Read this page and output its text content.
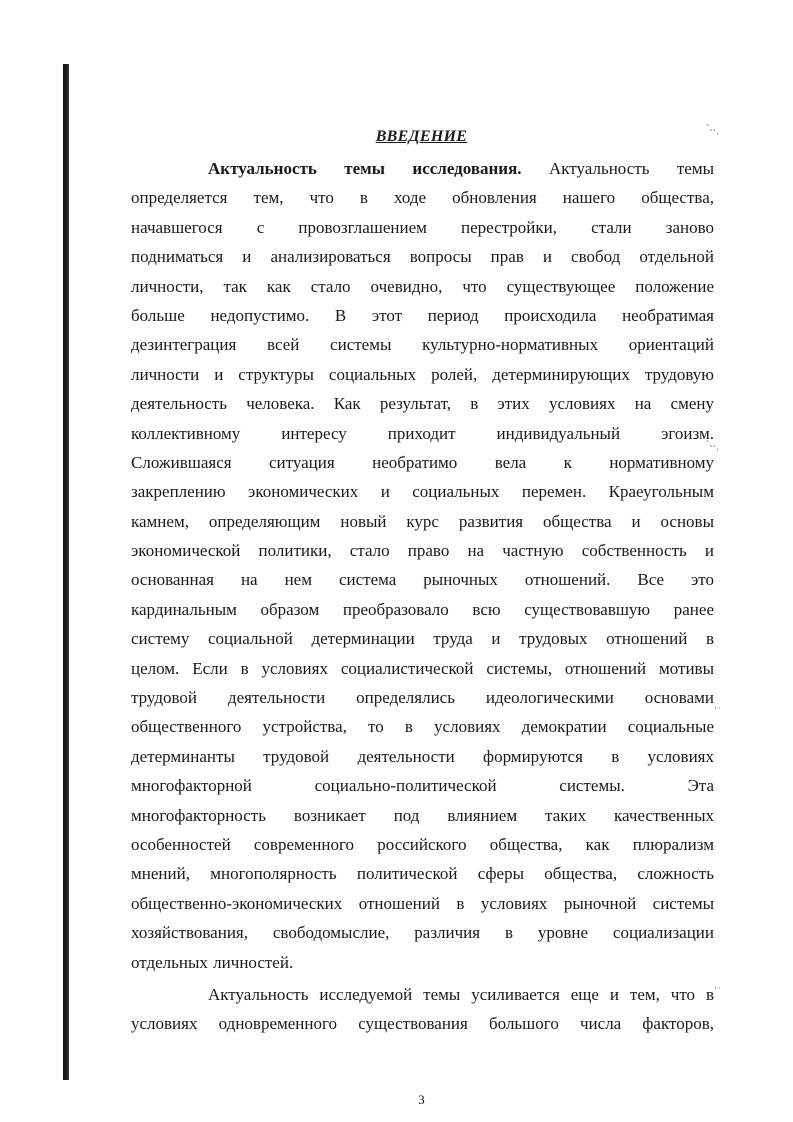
ВВЕДЕНИЕ
Актуальность темы исследования. Актуальность темы
определяется тем, что в ходе обновления нашего общества,
начавшегося с провозглашением перестройки, стали заново
подниматься и анализироваться вопросы прав и свобод отдельной
личности, так как стало очевидно, что существующее положение
больше недопустимо. В этот период происходила необратимая
дезинтеграция всей системы культурно-нормативных ориентаций
личности и структуры социальных ролей, детерминирующих трудовую
деятельность человека. Как результат, в этих условиях на смену
коллективному интересу приходит индивидуальный эгоизм.
Сложившаяся ситуация необратимо вела к нормативному
закреплению экономических и социальных перемен. Краеугольным
камнем, определяющим новый курс развития общества и основы
экономической политики, стало право на частную собственность и
основанная на нем система рыночных отношений. Все это
кардинальным образом преобразовало всю существовавшую ранее
систему социальной детерминации труда и трудовых отношений в
целом. Если в условиях социалистической системы, отношений мотивы
трудовой деятельности определялись идеологическими основами
общественного устройства, то в условиях демократии социальные
детерминанты трудовой деятельности формируются в условиях
многофакторной социально-политической системы. Эта
многофакторность возникает под влиянием таких качественных
особенностей современного российского общества, как плюрализм
мнений, многополярность политической сферы общества, сложность
общественно-экономических отношений в условиях рыночной системы
хозяйствования, свободомыслие, различия в уровне социализации
отдельных личностей.
Актуальность исследуемой темы усиливается еще и тем, что в
условиях одновременного существования большого числа факторов,
3
ˋ˴˴ˌ
ˋ˴˴ˌ
ˌˌ
ˈˈ
